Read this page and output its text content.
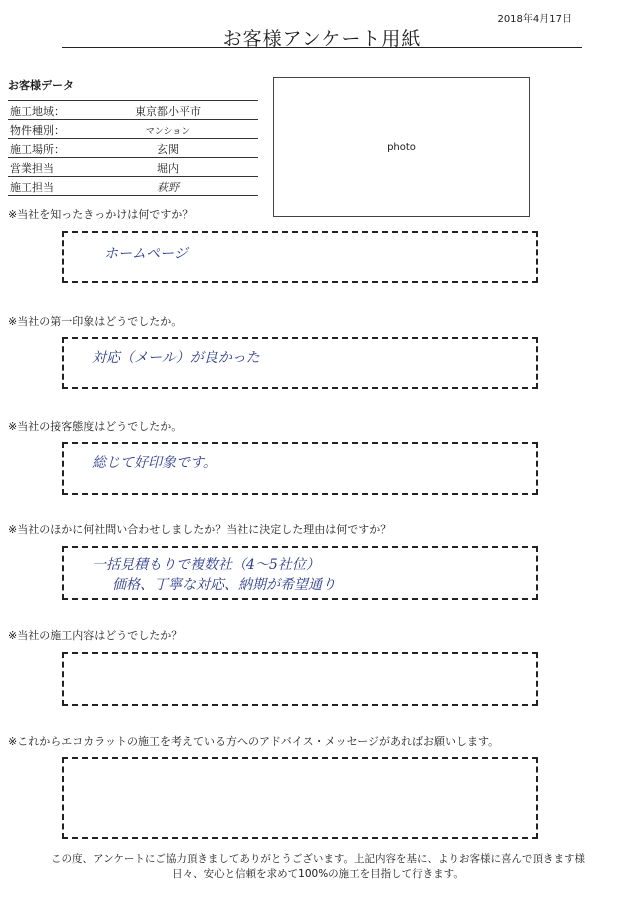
2018年4月17日
お客様アンケート用紙
お客様データ
施工地域：	東京都小平市
物件種別：	マンション
施工場所：	玄関
営業担当	堀内
施工担当	萩野
photo
※当社を知ったきっかけは何ですか？
ホームページ
※当社の第一印象はどうでしたか。
対応（メール）が良かった
※当社の接客態度はどうでしたか。
総じて好印象です。
※当社のほかに何社問い合わせしましたか？当社に決定した理由は何ですか？
一括見積もりで複数社（4〜5社位）
価格、丁寧な対応、納期が希望通り
※当社の施工内容はどうでしたか？
※これからエコカラットの施工を考えている方へのアドバイス・メッセージがあればお願いします。
この度、アンケートにご協力頂きましてありがとうございます。上記内容を基に、よりお客様に喜んで頂きます様
日々、安心と信頼を求めて100%の施工を目指して行きます。
